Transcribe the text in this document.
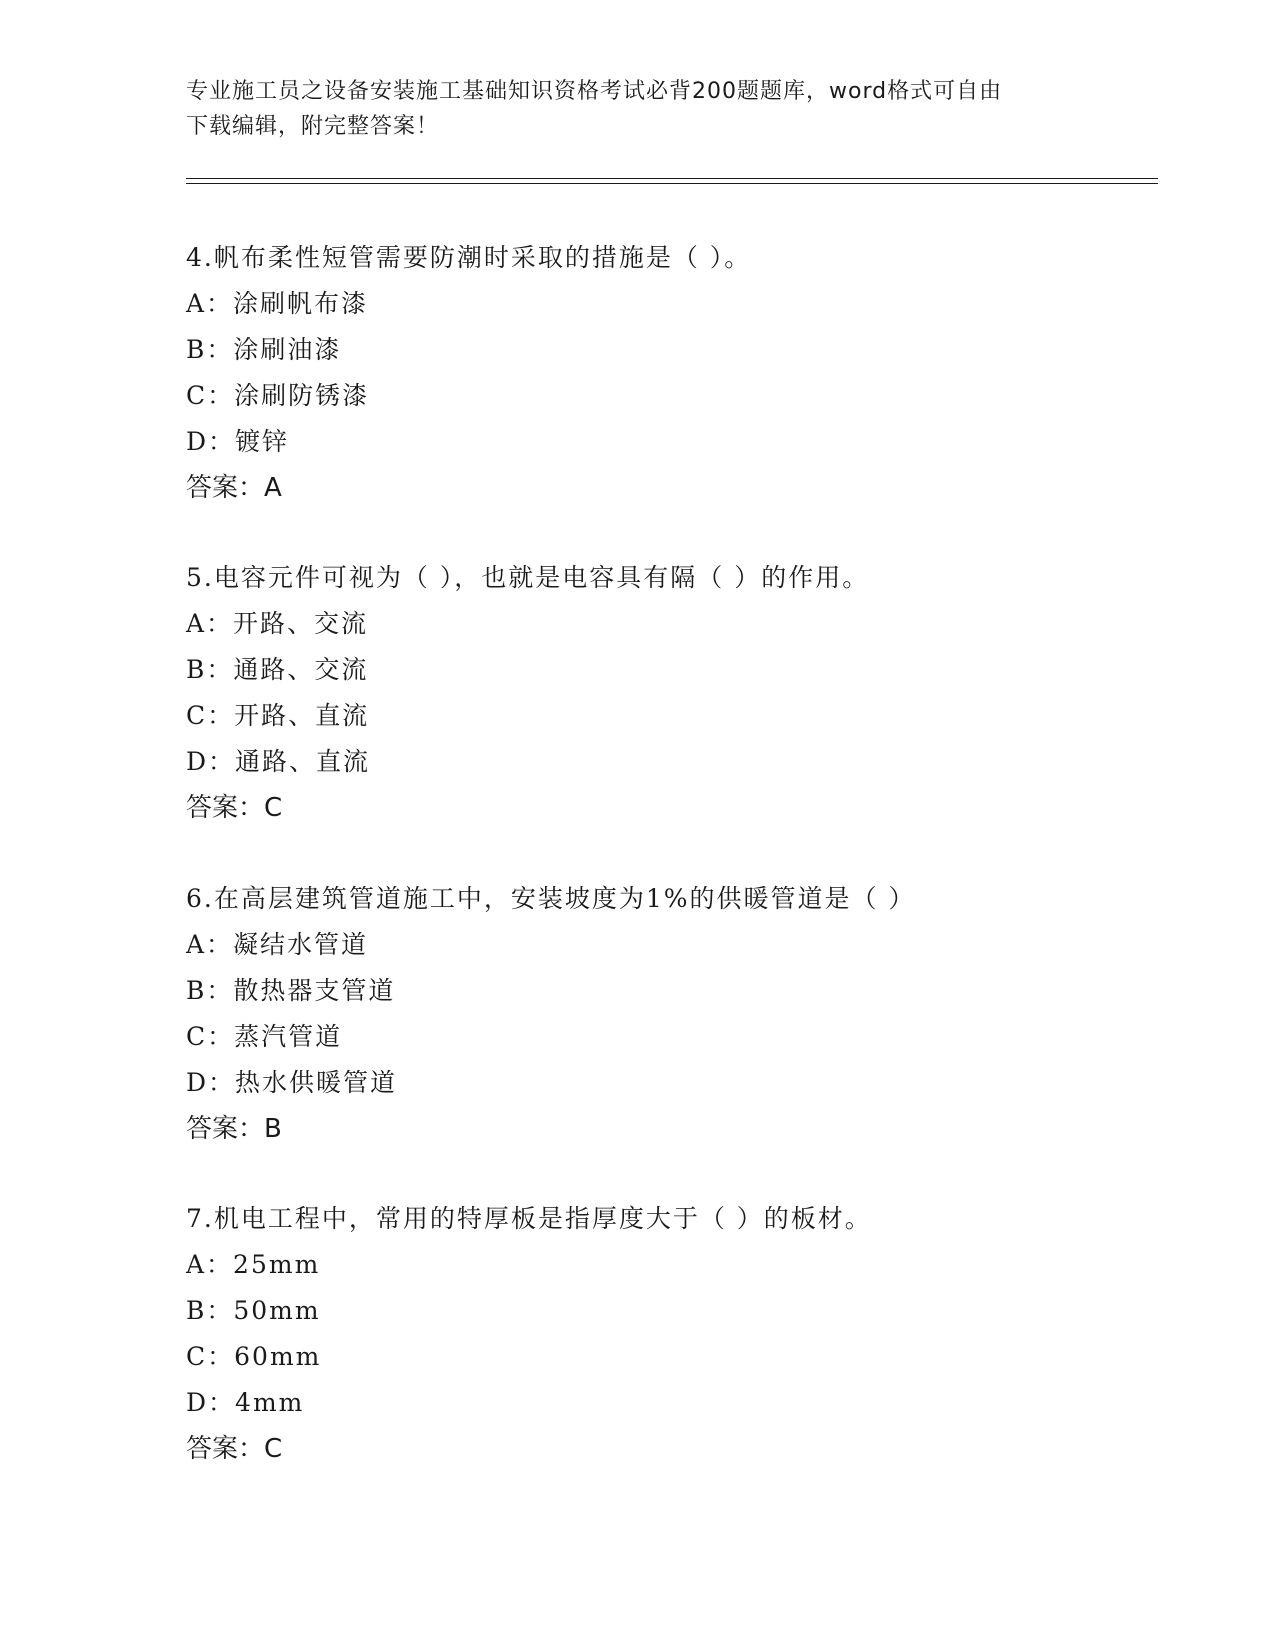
专业施工员之设备安装施工基础知识资格考试必背200题题库，word格式可自由
下载编辑，附完整答案！
4.帆布柔性短管需要防潮时采取的措施是（ ）。
A：涂刷帆布漆
B：涂刷油漆
C：涂刷防锈漆
D：镀锌
答案：A
5.电容元件可视为（ ），也就是电容具有隔（ ）的作用。
A：开路、交流
B：通路、交流
C：开路、直流
D：通路、直流
答案：C
6.在高层建筑管道施工中，安装坡度为1%的供暖管道是（ ）
A：凝结水管道
B：散热器支管道
C：蒸汽管道
D：热水供暖管道
答案：B
7.机电工程中，常用的特厚板是指厚度大于（ ）的板材。
A：25mm
B：50mm
C：60mm
D：4mm
答案：C
